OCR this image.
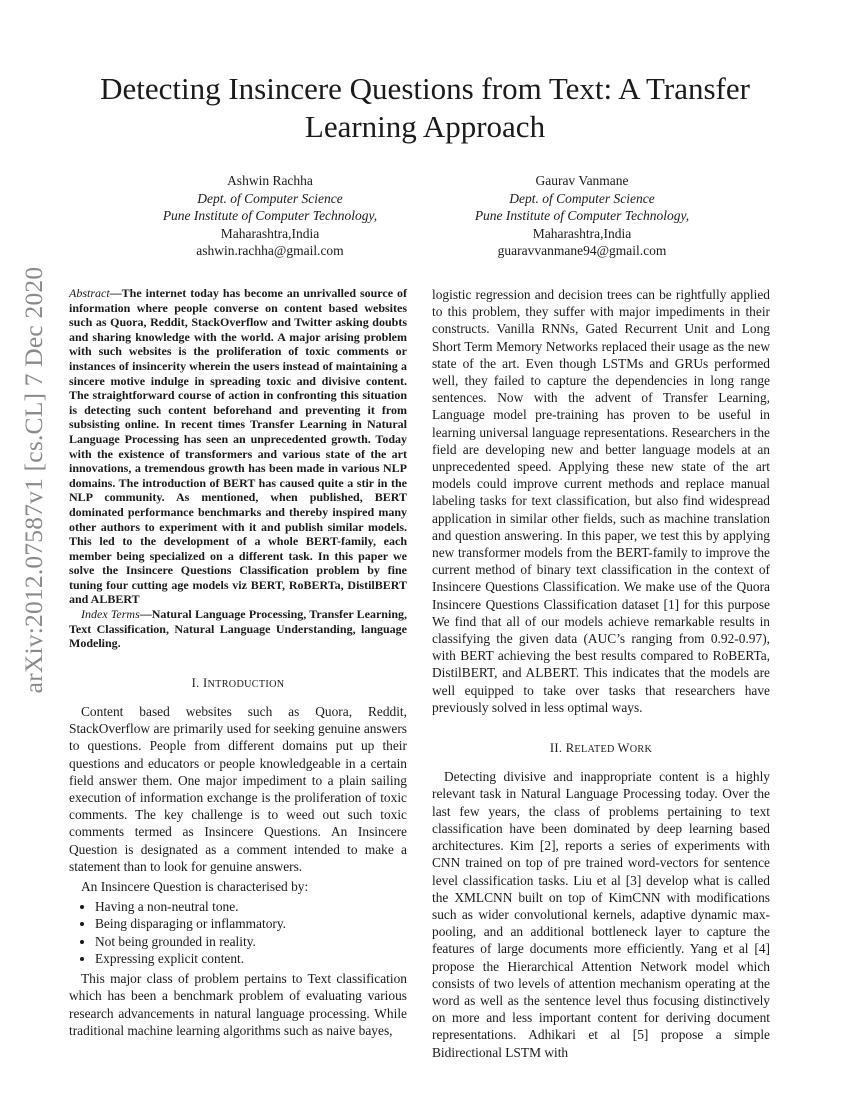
arXiv:2012.07587v1 [cs.CL] 7 Dec 2020
Detecting Insincere Questions from Text: A Transfer Learning Approach
Ashwin Rachha
Dept. of Computer Science
Pune Institute of Computer Technology,
Maharashtra,India
ashwin.rachha@gmail.com
Gaurav Vanmane
Dept. of Computer Science
Pune Institute of Computer Technology,
Maharashtra,India
guaravvanmane94@gmail.com

Abstract—The internet today has become an unrivalled source of information where people converse on content based websites such as Quora, Reddit, StackOverflow and Twitter asking doubts and sharing knowledge with the world. A major arising problem with such websites is the proliferation of toxic comments or instances of insincerity wherein the users instead of maintaining a sincere motive indulge in spreading toxic and divisive content. The straightforward course of action in confronting this situation is detecting such content beforehand and preventing it from subsisting online. In recent times Transfer Learning in Natural Language Processing has seen an unprecedented growth. Today with the existence of transformers and various state of the art innovations, a tremendous growth has been made in various NLP domains. The introduction of BERT has caused quite a stir in the NLP community. As mentioned, when published, BERT dominated performance benchmarks and thereby inspired many other authors to experiment with it and publish similar models. This led to the development of a whole BERT-family, each member being specialized on a different task. In this paper we solve the Insincere Questions Classification problem by fine tuning four cutting age models viz BERT, RoBERTa, DistilBERT and ALBERT

Index Terms—Natural Language Processing, Transfer Learning, Text Classification, Natural Language Understanding, language Modeling.

I. INTRODUCTION

Content based websites such as Quora, Reddit, StackOverflow are primarily used for seeking genuine answers to questions. People from different domains put up their questions and educators or people knowledgeable in a certain field answer them. One major impediment to a plain sailing execution of information exchange is the proliferation of toxic comments. The key challenge is to weed out such toxic comments termed as Insincere Questions. An Insincere Question is designated as a comment intended to make a statement than to look for genuine answers.

An Insincere Question is characterised by:

• Having a non-neutral tone.
• Being disparaging or inflammatory.
• Not being grounded in reality.
• Expressing explicit content.

This major class of problem pertains to Text classification which has been a benchmark problem of evaluating various research advancements in natural language processing. While traditional machine learning algorithms such as naive bayes,

logistic regression and decision trees can be rightfully applied to this problem, they suffer with major impediments in their constructs. Vanilla RNNs, Gated Recurrent Unit and Long Short Term Memory Networks replaced their usage as the new state of the art. Even though LSTMs and GRUs performed well, they failed to capture the dependencies in long range sentences. Now with the advent of Transfer Learning, Language model pre-training has proven to be useful in learning universal language representations. Researchers in the field are developing new and better language models at an unprecedented speed. Applying these new state of the art models could improve current methods and replace manual labeling tasks for text classification, but also find widespread application in similar other fields, such as machine translation and question answering. In this paper, we test this by applying new transformer models from the BERT-family to improve the current method of binary text classification in the context of Insincere Questions Classification. We make use of the Quora Insincere Questions Classification dataset [1] for this purpose We find that all of our models achieve remarkable results in classifying the given data (AUC’s ranging from 0.92-0.97), with BERT achieving the best results compared to RoBERTa, DistilBERT, and ALBERT. This indicates that the models are well equipped to take over tasks that researchers have previously solved in less optimal ways.

II. RELATED WORK

Detecting divisive and inappropriate content is a highly relevant task in Natural Language Processing today. Over the last few years, the class of problems pertaining to text classification have been dominated by deep learning based architectures. Kim [2], reports a series of experiments with CNN trained on top of pre trained word-vectors for sentence level classification tasks. Liu et al [3] develop what is called the XMLCNN built on top of KimCNN with modifications such as wider convolutional kernels, adaptive dynamic max-pooling, and an additional bottleneck layer to capture the features of large documents more efficiently. Yang et al [4] propose the Hierarchical Attention Network model which consists of two levels of attention mechanism operating at the word as well as the sentence level thus focusing distinctively on more and less important content for deriving document representations. Adhikari et al [5] propose a simple Bidirectional LSTM with
